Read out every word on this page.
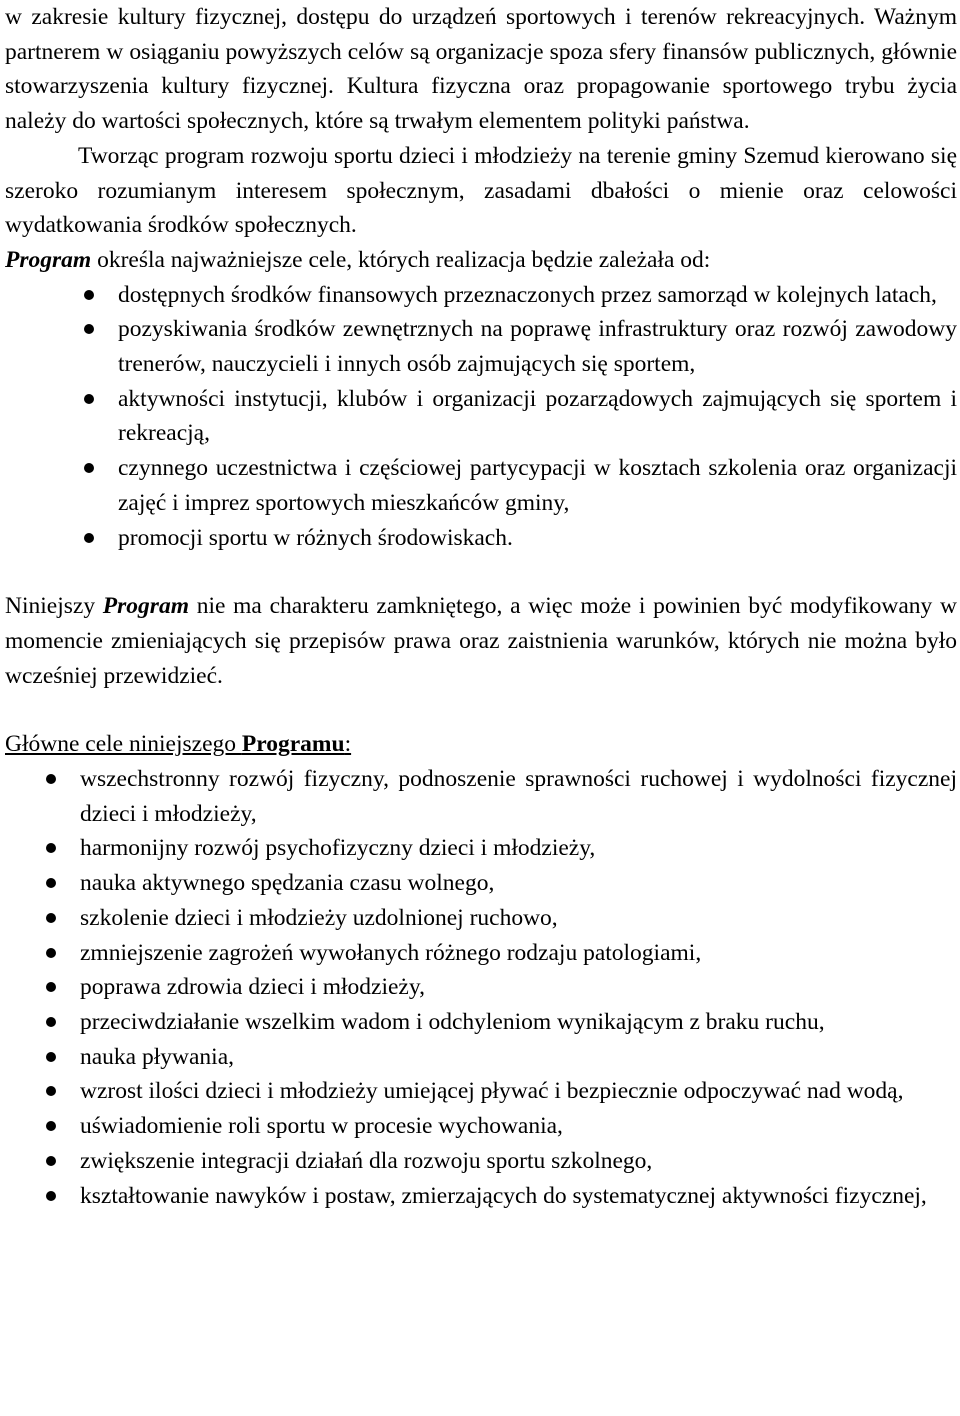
w zakresie kultury fizycznej, dostępu do urządzeń sportowych i terenów rekreacyjnych. Ważnym partnerem w osiąganiu powyższych celów są organizacje spoza sfery finansów publicznych, głównie stowarzyszenia kultury fizycznej. Kultura fizyczna oraz propagowanie sportowego trybu życia należy do wartości społecznych, które są trwałym elementem polityki państwa.

Tworząc program rozwoju sportu dzieci i młodzieży na terenie gminy Szemud kierowano się szeroko rozumianym interesem społecznym, zasadami dbałości o mienie oraz celowości wydatkowania środków społecznych.

Program określa najważniejsze cele, których realizacja będzie zależała od:

dostępnych środków finansowych przeznaczonych przez samorząd w kolejnych latach,
pozyskiwania środków zewnętrznych na poprawę infrastruktury oraz rozwój zawodowy trenerów, nauczycieli i innych osób zajmujących się sportem,
aktywności instytucji, klubów i organizacji pozarządowych zajmujących się sportem i rekreacją,
czynnego uczestnictwa i częściowej partycypacji w kosztach szkolenia oraz organizacji zajęć i imprez sportowych mieszkańców gminy,
promocji sportu w różnych środowiskach.

Niniejszy Program nie ma charakteru zamkniętego, a więc może i powinien być modyfikowany w momencie zmieniających się przepisów prawa oraz zaistnienia warunków, których nie można było wcześniej przewidzieć.

Główne cele niniejszego Programu:

wszechstronny rozwój fizyczny, podnoszenie sprawności ruchowej i wydolności fizycznej dzieci i młodzieży,
harmonijny rozwój psychofizyczny dzieci i młodzieży,
nauka aktywnego spędzania czasu wolnego,
szkolenie dzieci i młodzieży uzdolnionej ruchowo,
zmniejszenie zagrożeń wywołanych różnego rodzaju patologiami,
poprawa zdrowia dzieci i młodzieży,
przeciwdziałanie wszelkim wadom i odchyleniom wynikającym z braku ruchu,
nauka pływania,
wzrost ilości dzieci i młodzieży umiejącej pływać i bezpiecznie odpoczywać nad wodą,
uświadomienie roli sportu w procesie wychowania,
zwiększenie integracji działań dla rozwoju sportu szkolnego,
kształtowanie nawyków i postaw, zmierzających do systematycznej aktywności fizycznej,
